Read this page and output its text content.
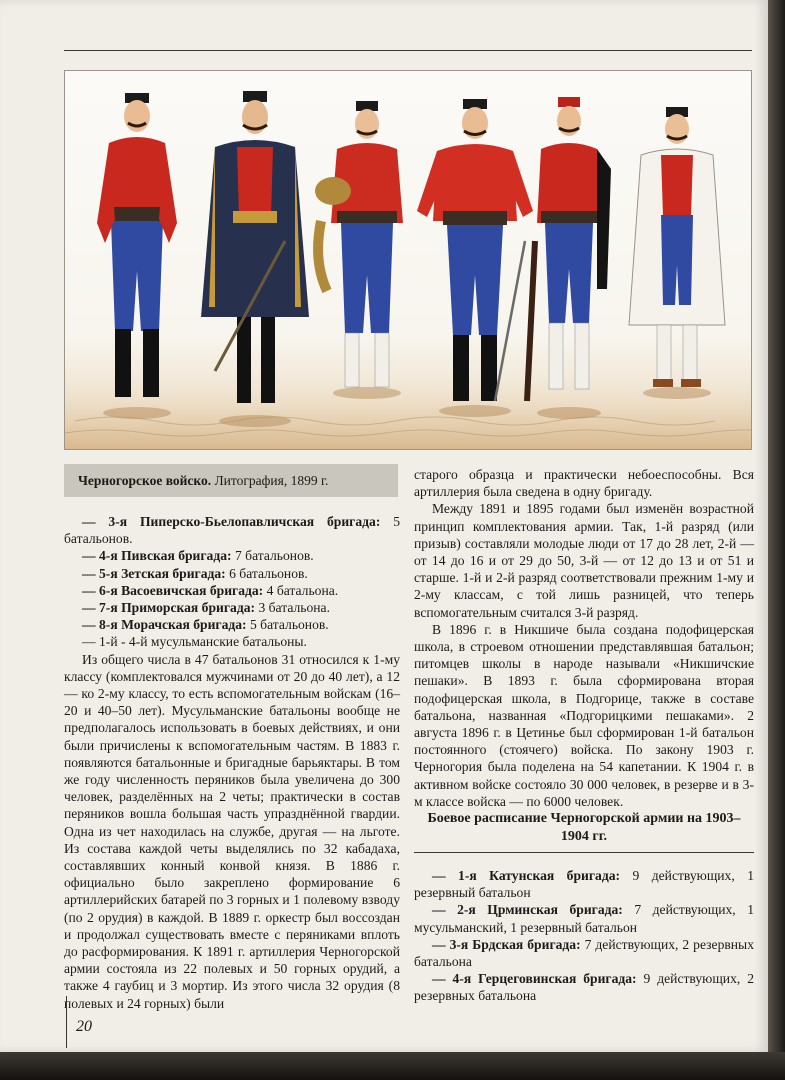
Черногорское войско. Литография, 1899 г.

— 3-я Пиперско-Бьелопавличская бригада: 5 батальонов.

— 4-я Пивская бригада: 7 батальонов.

— 5-я Зетская бригада: 6 батальонов.

— 6-я Васоевичская бригада: 4 батальона.

— 7-я Приморская бригада: 3 батальона.

— 8-я Морачская бригада: 5 батальонов.

— 1-й - 4-й мусульманские батальоны.

Из общего числа в 47 батальонов 31 относился к 1-му классу (комплектовался мужчинами от 20 до 40 лет), а 12 — ко 2-му классу, то есть вспомогательным войскам (16–20 и 40–50 лет). Мусульманские батальоны вообще не предполагалось использовать в боевых действиях, и они были причислены к вспомогательным частям. В 1883 г. появляются батальонные и бригадные барьяктары. В том же году численность перяников была увеличена до 300 человек, разделённых на 2 четы; практически в состав перяников вошла большая часть упразднённой гвардии. Одна из чет находилась на службе, другая — на льготе. Из состава каждой четы выделялись по 32 кабадаха, составлявших конный конвой князя. В 1886 г. официально было закреплено формирование 6 артиллерийских батарей по 3 горных и 1 полевому взводу (по 2 орудия) в каждой. В 1889 г. оркестр был воссоздан и продолжал существовать вместе с перяниками вплоть до расформирования. К 1891 г. артиллерия Черногорской армии состояла из 22 полевых и 50 горных орудий, а также 4 гаубиц и 3 мортир. Из этого числа 32 орудия (8 полевых и 24 горных) были

старого образца и практически небоеспособны. Вся артиллерия была сведена в одну бригаду.

Между 1891 и 1895 годами был изменён возрастной принцип комплектования армии. Так, 1-й разряд (или призыв) составляли молодые люди от 17 до 28 лет, 2-й — от 14 до 16 и от 29 до 50, 3-й — от 12 до 13 и от 51 и старше. 1-й и 2-й разряд соответствовали прежним 1-му и 2-му классам, с той лишь разницей, что теперь вспомогательным считался 3-й разряд.

В 1896 г. в Никшиче была создана подофицерская школа, в строевом отношении представлявшая батальон; питомцев школы в народе называли «Никшичские пешаки». В 1893 г. была сформирована вторая подофицерская школа, в Подгорице, также в составе батальона, названная «Подгорицкими пешаками». 2 августа 1896 г. в Цетинье был сформирован 1-й батальон постоянного (стоячего) войска. По закону 1903 г. Черногория была поделена на 54 капетании. К 1904 г. в активном войске состояло 30 000 человек, в резерве и в 3-м классе войска — по 6000 человек.

Боевое расписание Черногорской армии на 1903–1904 гг.

— 1-я Катунская бригада: 9 действующих, 1 резервный батальон

— 2-я Црминская бригада: 7 действующих, 1 мусульманский, 1 резервный батальон

— 3-я Брдская бригада: 7 действующих, 2 резервных батальона

— 4-я Герцеговинская бригада: 9 действующих, 2 резервных батальона

20
